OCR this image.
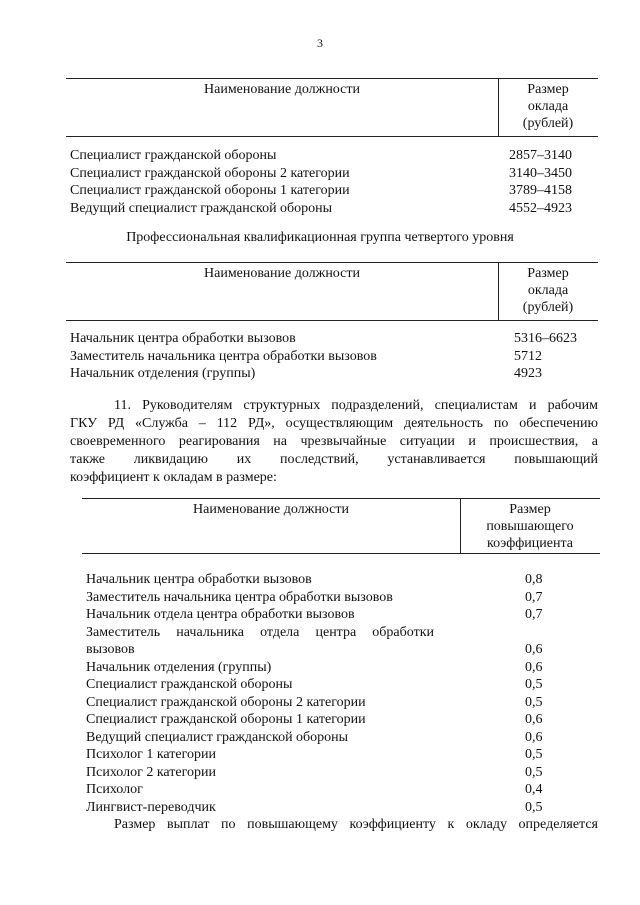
3
Наименование должности	Размер
оклада
(рублей)
Специалист гражданской обороны	2857–3140
Специалист гражданской обороны 2 категории	3140–3450
Специалист гражданской обороны 1 категории	3789–4158
Ведущий специалист гражданской обороны	4552–4923
Профессиональная квалификационная группа четвертого уровня
Наименование должности	Размер
оклада
(рублей)
Начальник центра обработки вызовов	5316–6623
Заместитель начальника центра обработки вызовов	5712
Начальник отделения (группы)	4923
11. Руководителям структурных подразделений, специалистам и рабочим
ГКУ РД «Служба – 112 РД», осуществляющим деятельность по обеспечению
своевременного реагирования на чрезвычайные ситуации и происшествия, а
также ликвидацию их последствий, устанавливается повышающий
коэффициент к окладам в размере:
Наименование должности	Размер
повышающего
коэффициента
Начальник центра обработки вызовов	0,8
Заместитель начальника центра обработки вызовов	0,7
Начальник отдела центра обработки вызовов	0,7
Заместитель начальника отдела центра обработки
вызовов	0,6
Начальник отделения (группы)	0,6
Специалист гражданской обороны	0,5
Специалист гражданской обороны 2 категории	0,5
Специалист гражданской обороны 1 категории	0,6
Ведущий специалист гражданской обороны	0,6
Психолог 1 категории	0,5
Психолог 2 категории	0,5
Психолог	0,4
Лингвист-переводчик	0,5
Размер выплат по повышающему коэффициенту к окладу определяется
